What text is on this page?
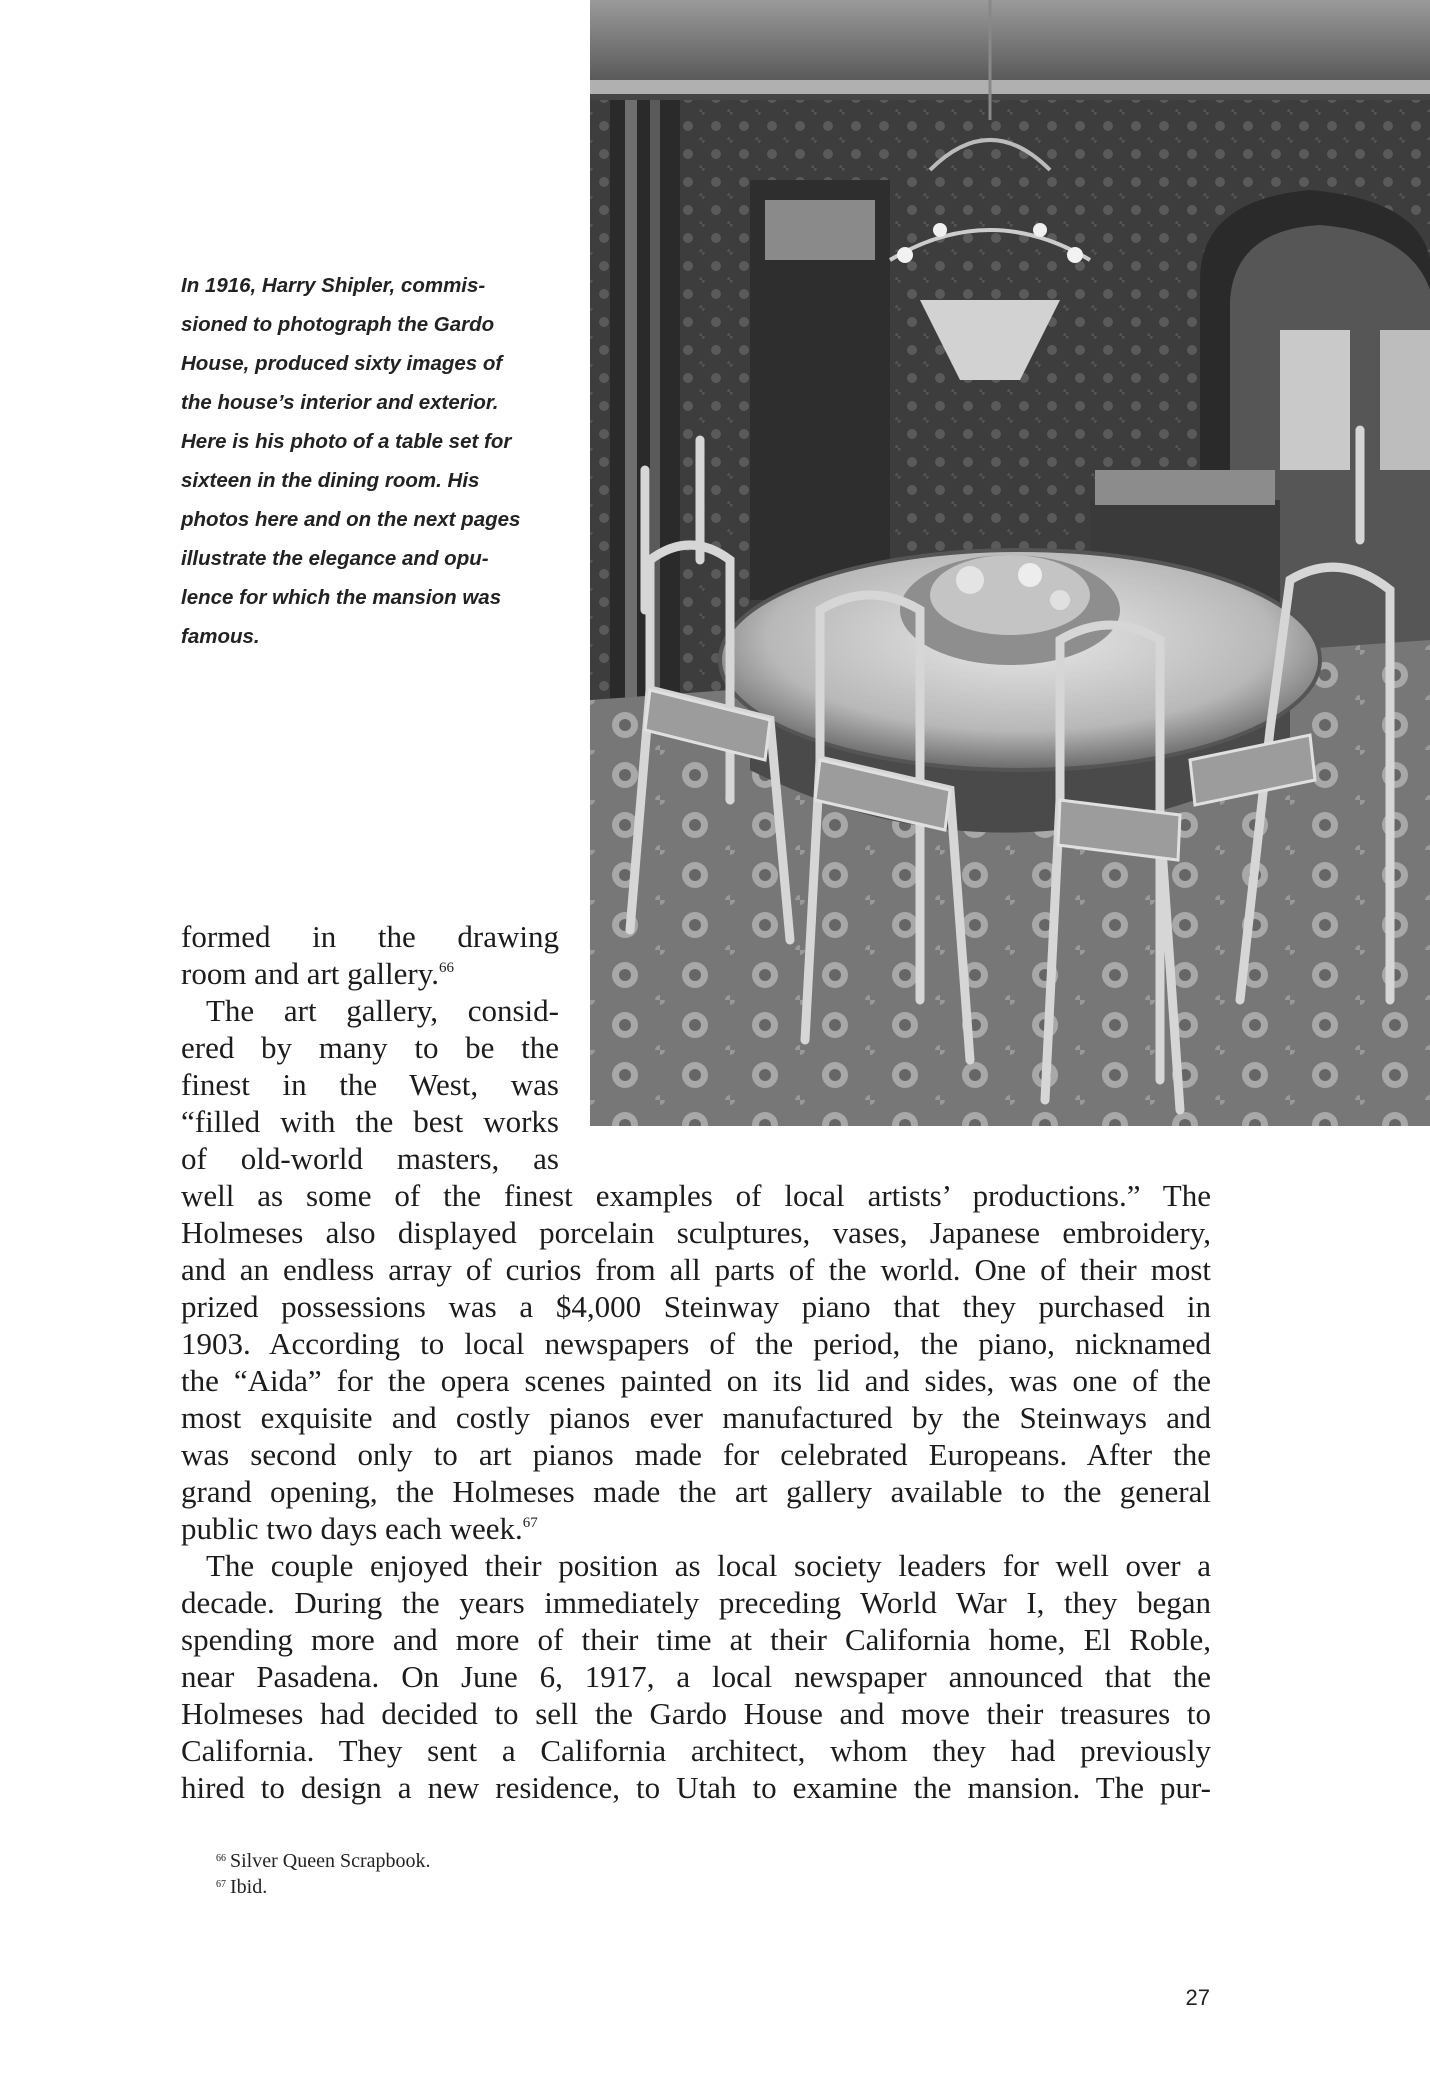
In 1916, Harry Shipler, commis-
sioned to photograph the Gardo
House, produced sixty images of
the house’s interior and exterior.
Here is his photo of a table set for
sixteen in the dining room. His
photos here and on the next pages
illustrate the elegance and opu-
lence for which the mansion was
famous.
formed in the drawing
room and art gallery.$^{66}$
The art gallery, consid-
ered by many to be the
finest in the West, was
“filled with the best works
of old-world masters, as
well as some of the finest examples of local artists’ productions.” The
Holmeses also displayed porcelain sculptures, vases, Japanese embroidery,
and an endless array of curios from all parts of the world. One of their most
prized possessions was a $4,000 Steinway piano that they purchased in
1903. According to local newspapers of the period, the piano, nicknamed
the “Aida” for the opera scenes painted on its lid and sides, was one of the
most exquisite and costly pianos ever manufactured by the Steinways and
was second only to art pianos made for celebrated Europeans. After the
grand opening, the Holmeses made the art gallery available to the general
public two days each week.$^{67}$
The couple enjoyed their position as local society leaders for well over a
decade. During the years immediately preceding World War I, they began
spending more and more of their time at their California home, El Roble,
near Pasadena. On June 6, 1917, a local newspaper announced that the
Holmeses had decided to sell the Gardo House and move their treasures to
California. They sent a California architect, whom they had previously
hired to design a new residence, to Utah to examine the mansion. The pur-
$^{66}$ Silver Queen Scrapbook.
$^{67}$ Ibid.
27
